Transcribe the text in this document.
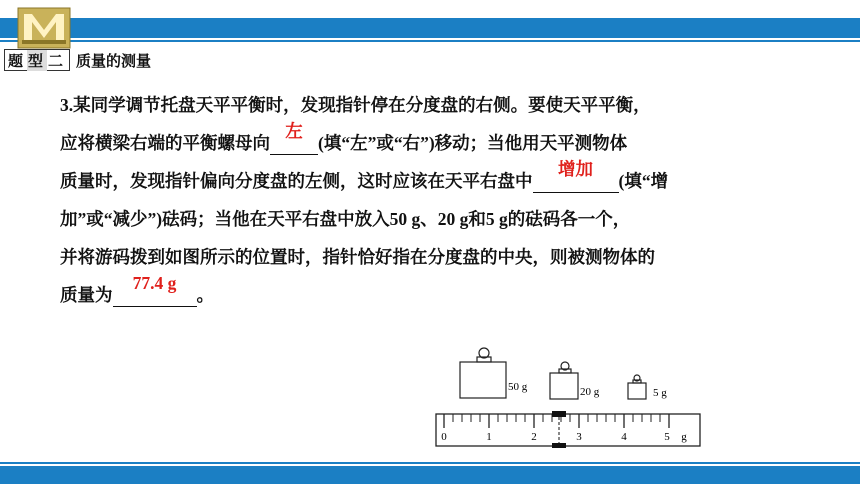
题 型 二 质量的测量
3.某同学调节托盘天平平衡时，发现指针停在分度盘的右侧。要使天平平衡，
应将横梁右端的平衡螺母向
左
(填“左”或“右”)移动；当他用天平测物体
质量时，发现指针偏向分度盘的左侧，这时应该在天平右盘中
增加
(填“增
加”或“减少”)砝码；当他在天平右盘中放入50 g、20 g和5 g的砝码各一个，
并将游码拨到如图所示的位置时，指针恰好指在分度盘的中央，则被测物体的
质量为
77.4 g
。
50 g	20 g	5 g
0	1	2	3	4	5 g
